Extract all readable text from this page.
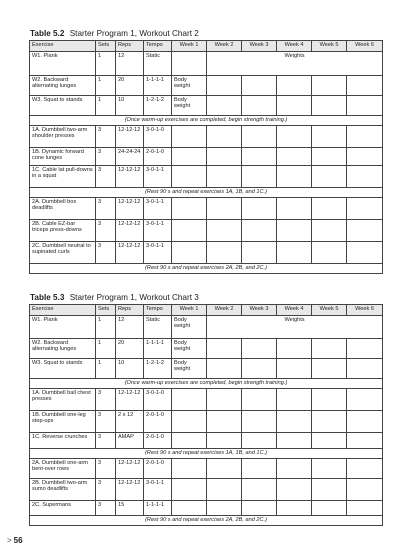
Table 5.2 Starter Program 1, Workout Chart 2
Exercise	Sets	Reps	Tempo	Week 1	Week 2	Week 3	Week 4	Week 5	Week 6
W1. Plank	1	12	Static		Weights				
W2. Backward alternating lunges	1	20	1-1-1-1	Body weight					
W3. Squat to stands	1	10	1-2-1-2	Body weight					
(Once warm-up exercises are completed, begin strength training.)									
1A. Dumbbell two-arm shoulder presses	3	12-12-12	3-0-1-0						
1B. Dynamic forward cone lunges	3	24-24-24	2-0-1-0						
1C. Cable lat pull-downs in a squat	3	12-12-12	3-0-1-1						
(Rest 90 s and repeat exercises 1A, 1B, and 1C.)									
2A. Dumbbell box deadlifts	3	12-12-12	3-0-1-1						
2B. Cable EZ-bar triceps press-downs	3	12-12-12	3-0-1-1						
2C. Dumbbell neutral to supinated curls	3	12-12-12	3-0-1-1						
(Rest 90 s and repeat exercises 2A, 2B, and 2C.)									
Table 5.3 Starter Program 1, Workout Chart 3
Exercise	Sets	Reps	Tempo	Week 1	Week 2	Week 3	Week 4	Week 5	Week 6
W1. Plank	1	12	Static	Body weight	Weights				
W2. Backward alternating lunges	1	20	1-1-1-1	Body weight					
W3. Squat to stands	1	10	1-2-1-2	Body weight					
(Once warm-up exercises are completed, begin strength training.)									
1A. Dumbbell ball chest presses	3	12-12-12	3-0-1-0						
1B. Dumbbell one-leg step-ups	3	2 x 12	2-0-1-0						
1C. Reverse crunches	3	AMAP	2-0-1-0						
(Rest 90 s and repeat exercises 1A, 1B, and 1C.)									
2A. Dumbbell one-arm bent-over rows	3	12-12-12	2-0-1-0						
2B. Dumbbell two-arm sumo deadlifts	3	12-12-12	3-0-1-1						
2C. Supermans	3	15	1-1-1-1						
(Rest 90 s and repeat exercises 2A, 2B, and 2C.)									
> 56
